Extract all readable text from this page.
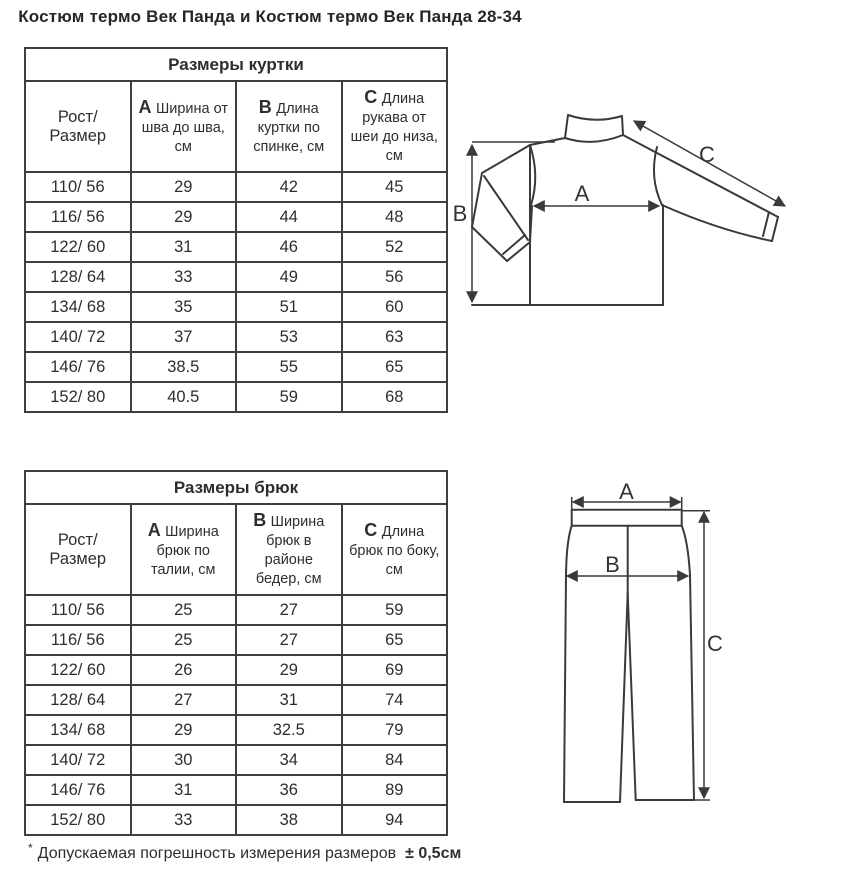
Костюм термо Век Панда и Костюм термо Век Панда 28-34
Размеры куртки			
Рост/Размер	A Ширина от шва до шва, см	B Длина куртки по спинке, см	C Длина рукава от шеи до низа, см
110/ 56	29	42	45
116/ 56	29	44	48
122/ 60	31	46	52
128/ 64	33	49	56
134/ 68	35	51	60
140/ 72	37	53	63
146/ 76	38.5	55	65
152/ 80	40.5	59	68
Размеры брюк			
Рост/Размер	A Ширина брюк по талии, см	B Ширина брюк в районе бедер, см	C Длина брюк по боку, см
110/ 56	25	27	59
116/ 56	25	27	65
122/ 60	26	29	69
128/ 64	27	31	74
134/ 68	29	32.5	79
140/ 72	30	34	84
146/ 76	31	36	89
152/ 80	33	38	94
A
B
C
A
B
C

* Допускаемая погрешность измерения размеров ± 0,5см
